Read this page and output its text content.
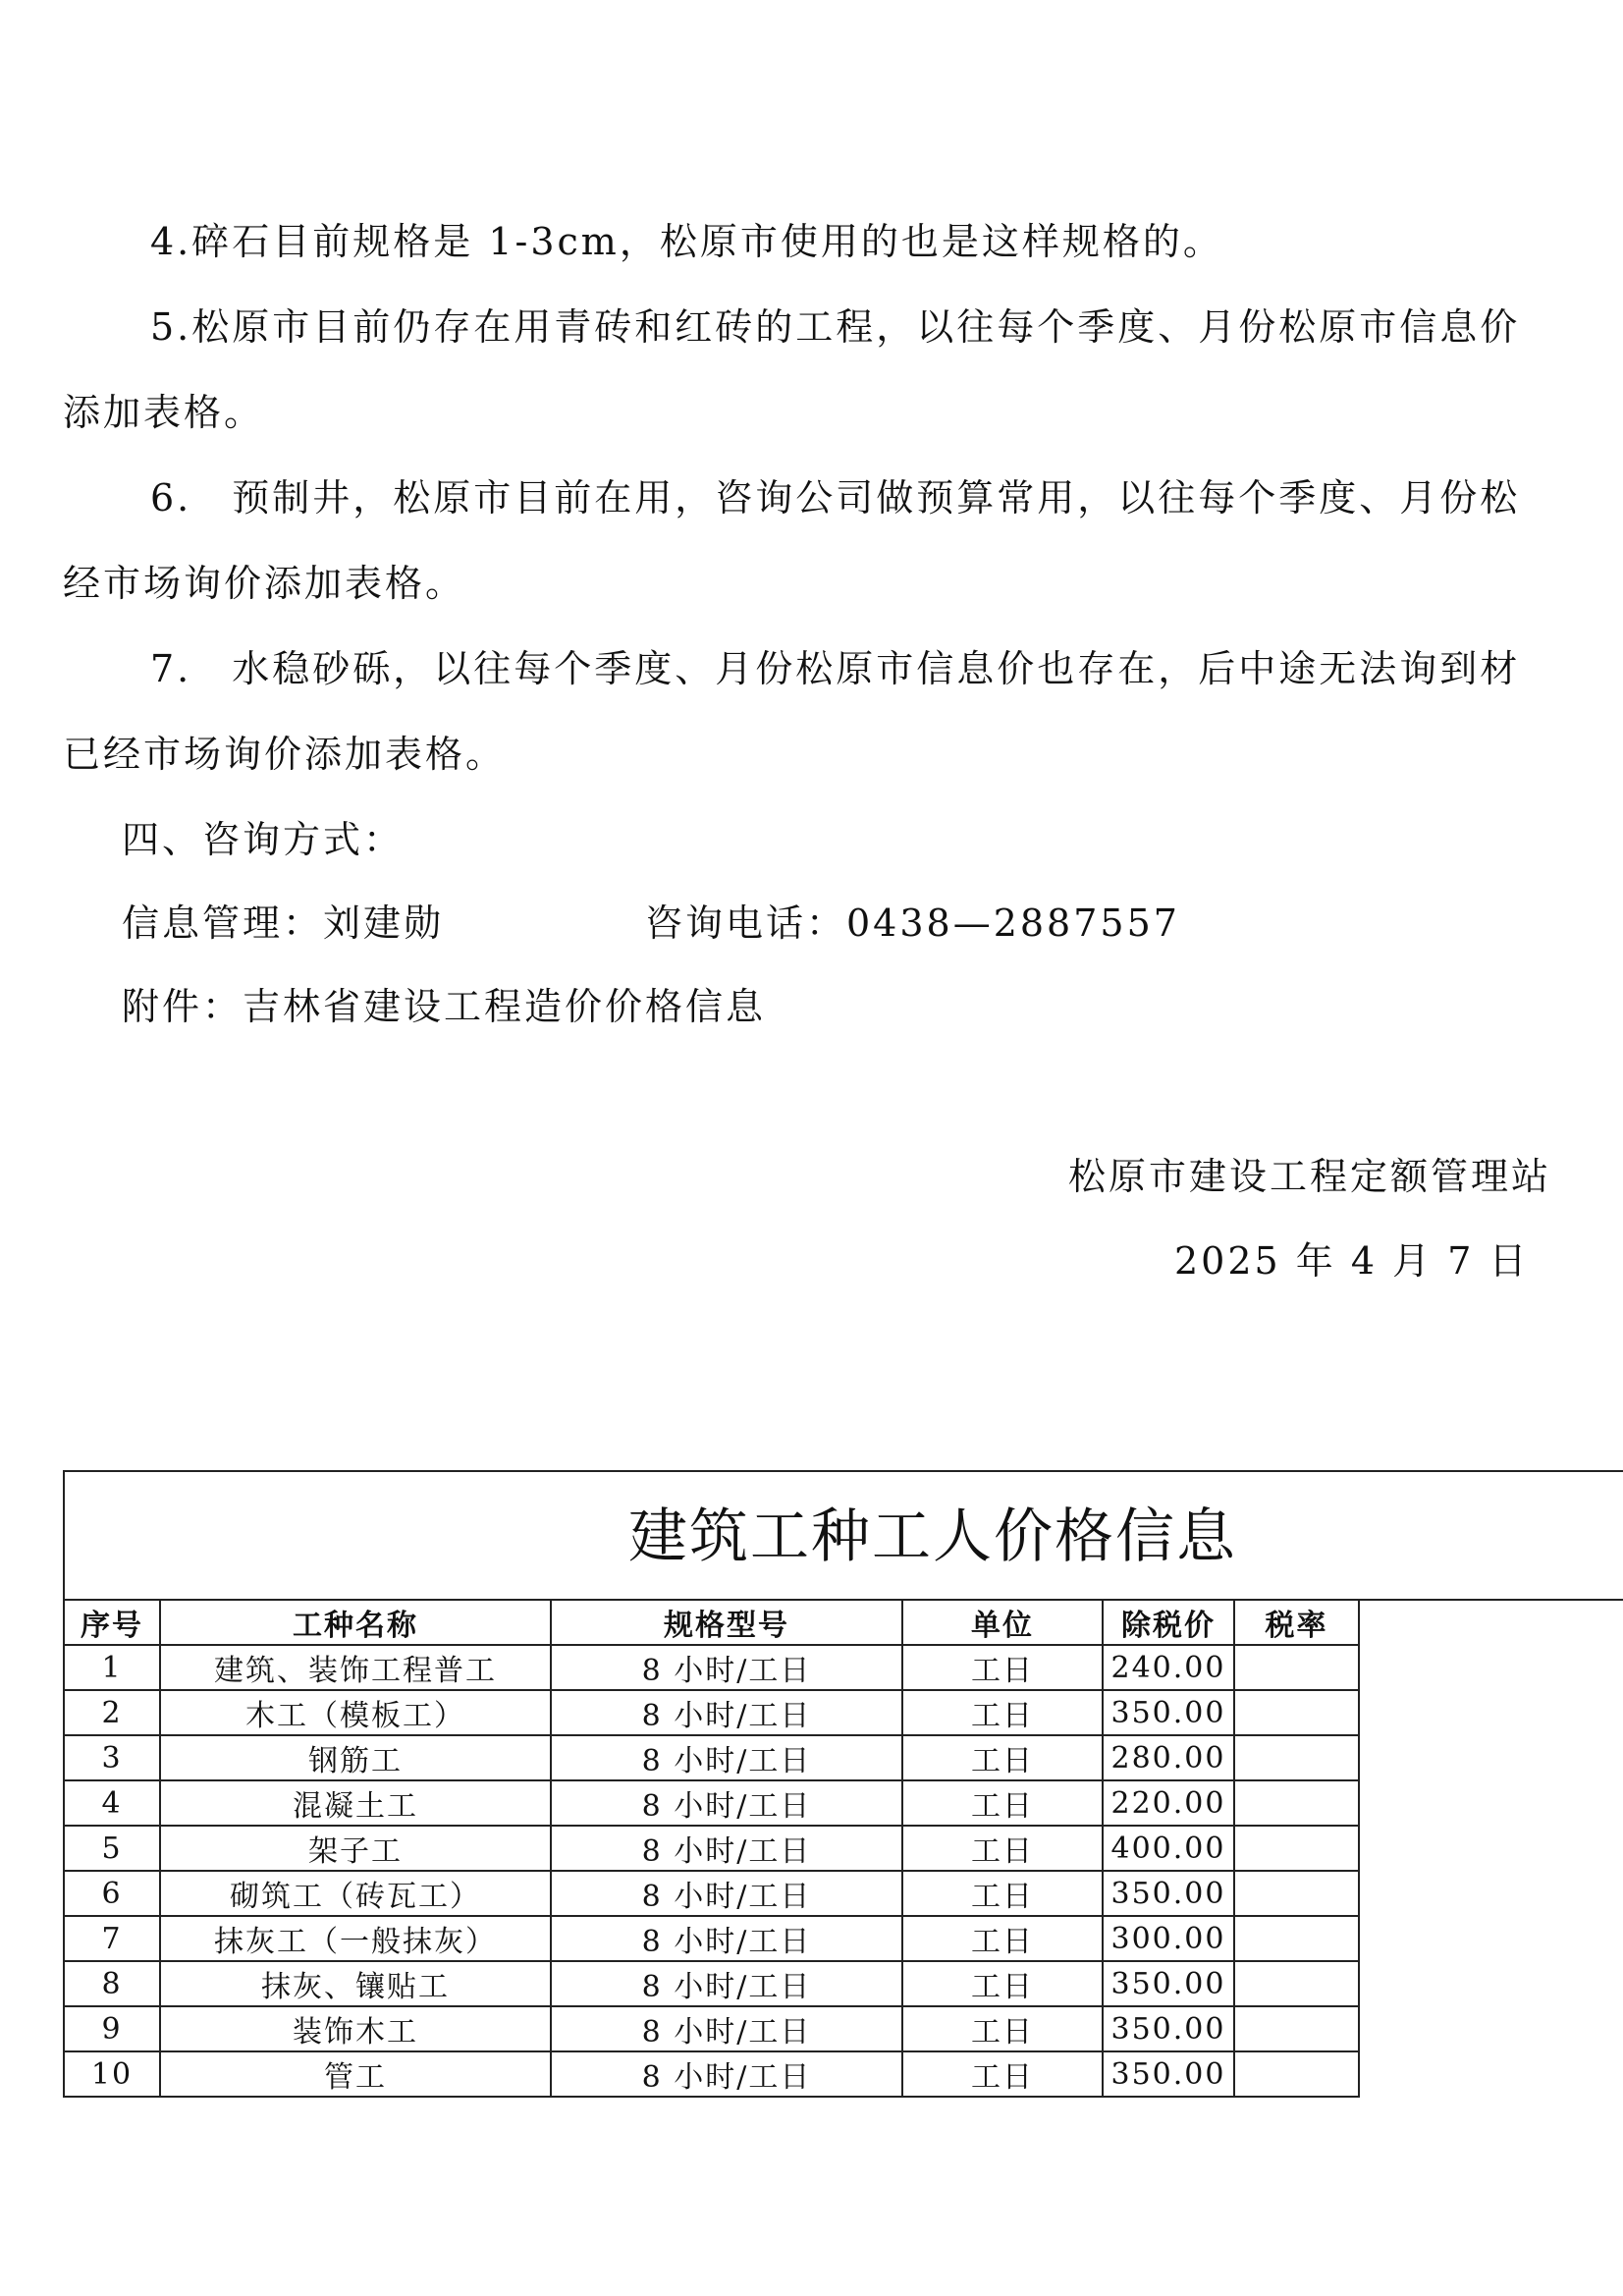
4.碎石目前规格是 1-3cm，松原市使用的也是这样规格的。

5.松原市目前仍存在用青砖和红砖的工程，以往每个季度、月份松原市信息价

添加表格。

6.　预制井，松原市目前在用，咨询公司做预算常用，以往每个季度、月份松

经市场询价添加表格。

7.　水稳砂砾，以往每个季度、月份松原市信息价也存在，后中途无法询到材

已经市场询价添加表格。

四、咨询方式：

信息管理：刘建勋	咨询电话：0438—2887557

附件：吉林省建设工程造价价格信息

松原市建设工程定额管理站

2025 年 4 月 7 日

建筑工种工人价格信息
序号	工种名称	规格型号	单位	除税价	税率
1	建筑、装饰工程普工	8 小时/工日	工日	240.00	
2	木工（模板工）	8 小时/工日	工日	350.00	
3	钢筋工	8 小时/工日	工日	280.00	
4	混凝土工	8 小时/工日	工日	220.00	
5	架子工	8 小时/工日	工日	400.00	
6	砌筑工（砖瓦工）	8 小时/工日	工日	350.00	
7	抹灰工（一般抹灰）	8 小时/工日	工日	300.00	
8	抹灰、镶贴工	8 小时/工日	工日	350.00	
9	装饰木工	8 小时/工日	工日	350.00	
10	管工	8 小时/工日	工日	350.00	
